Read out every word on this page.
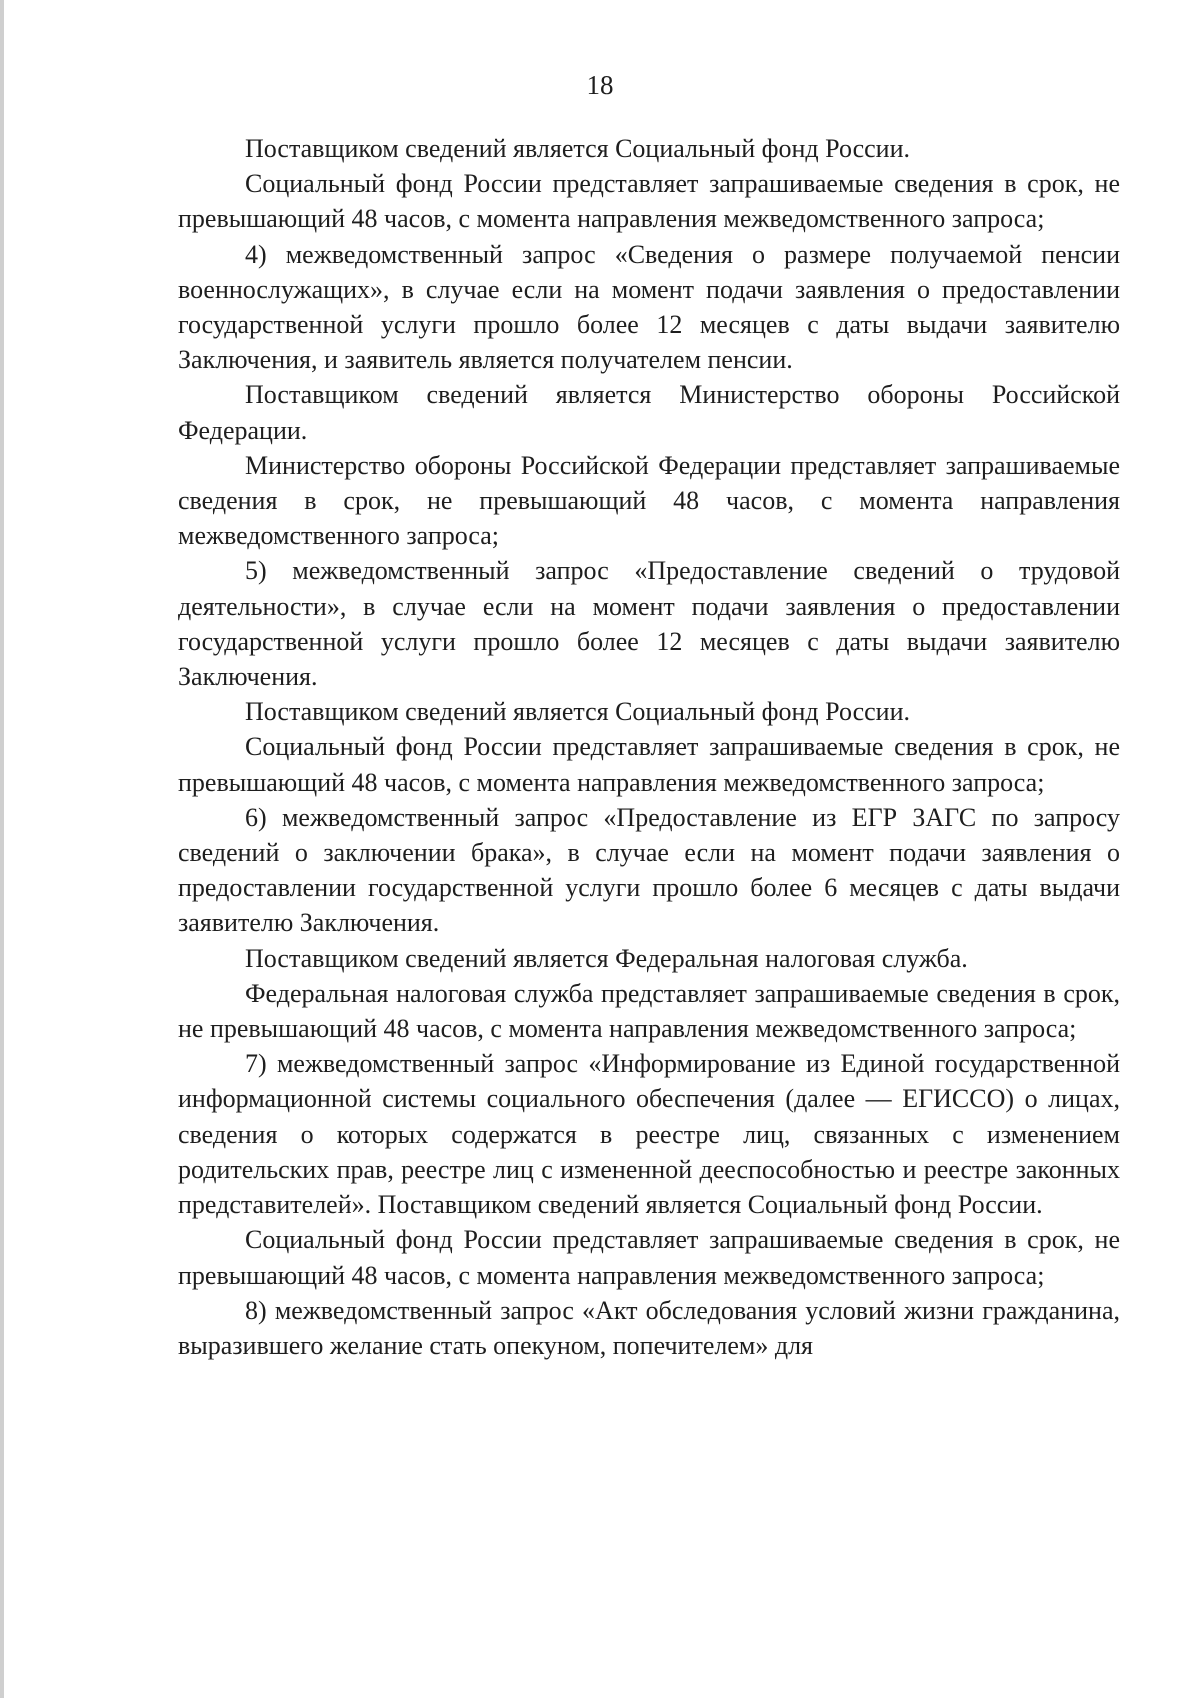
18

Поставщиком сведений является Социальный фонд России.

Социальный фонд России представляет запрашиваемые сведения в срок, не превышающий 48 часов, с момента направления межведомственного запроса;

4) межведомственный запрос «Сведения о размере получаемой пенсии военнослужащих», в случае если на момент подачи заявления о предоставлении государственной услуги прошло более 12 месяцев с даты выдачи заявителю Заключения, и заявитель является получателем пенсии.

Поставщиком сведений является Министерство обороны Российской Федерации.

Министерство обороны Российской Федерации представляет запрашиваемые сведения в срок, не превышающий 48 часов, с момента направления межведомственного запроса;

5) межведомственный запрос «Предоставление сведений о трудовой деятельности», в случае если на момент подачи заявления о предоставлении государственной услуги прошло более 12 месяцев с даты выдачи заявителю Заключения.

Поставщиком сведений является Социальный фонд России.

Социальный фонд России представляет запрашиваемые сведения в срок, не превышающий 48 часов, с момента направления межведомственного запроса;

6) межведомственный запрос «Предоставление из ЕГР ЗАГС по запросу сведений о заключении брака», в случае если на момент подачи заявления о предоставлении государственной услуги прошло более 6 месяцев с даты выдачи заявителю Заключения.

Поставщиком сведений является Федеральная налоговая служба.

Федеральная налоговая служба представляет запрашиваемые сведения в срок, не превышающий 48 часов, с момента направления межведомственного запроса;

7) межведомственный запрос «Информирование из Единой государственной информационной системы социального обеспечения (далее — ЕГИССО) о лицах, сведения о которых содержатся в реестре лиц, связанных с изменением родительских прав, реестре лиц с измененной дееспособностью и реестре законных представителей». Поставщиком сведений является Социальный фонд России.

Социальный фонд России представляет запрашиваемые сведения в срок, не превышающий 48 часов, с момента направления межведомственного запроса;

8) межведомственный запрос «Акт обследования условий жизни гражданина, выразившего желание стать опекуном, попечителем» для
